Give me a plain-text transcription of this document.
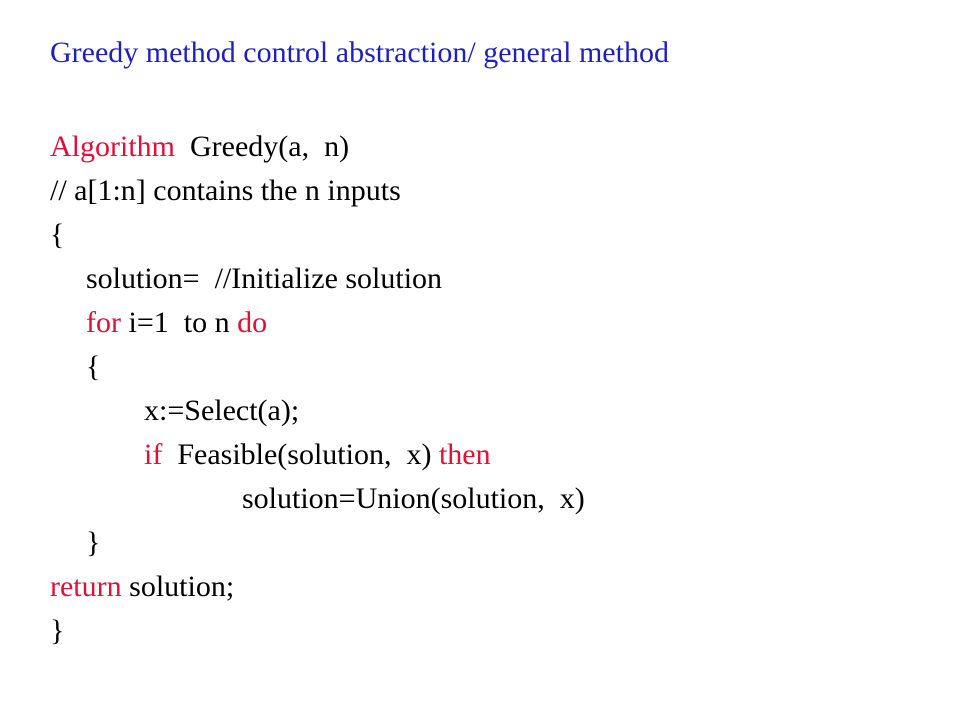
Greedy method control abstraction/ general method
Algorithm  Greedy(a,  n)
// a[1:n] contains the n inputs
{
solution=  //Initialize solution
for i=1  to n do
{
x:=Select(a);
if  Feasible(solution,  x) then
solution=Union(solution,  x)
}
return solution;
}
